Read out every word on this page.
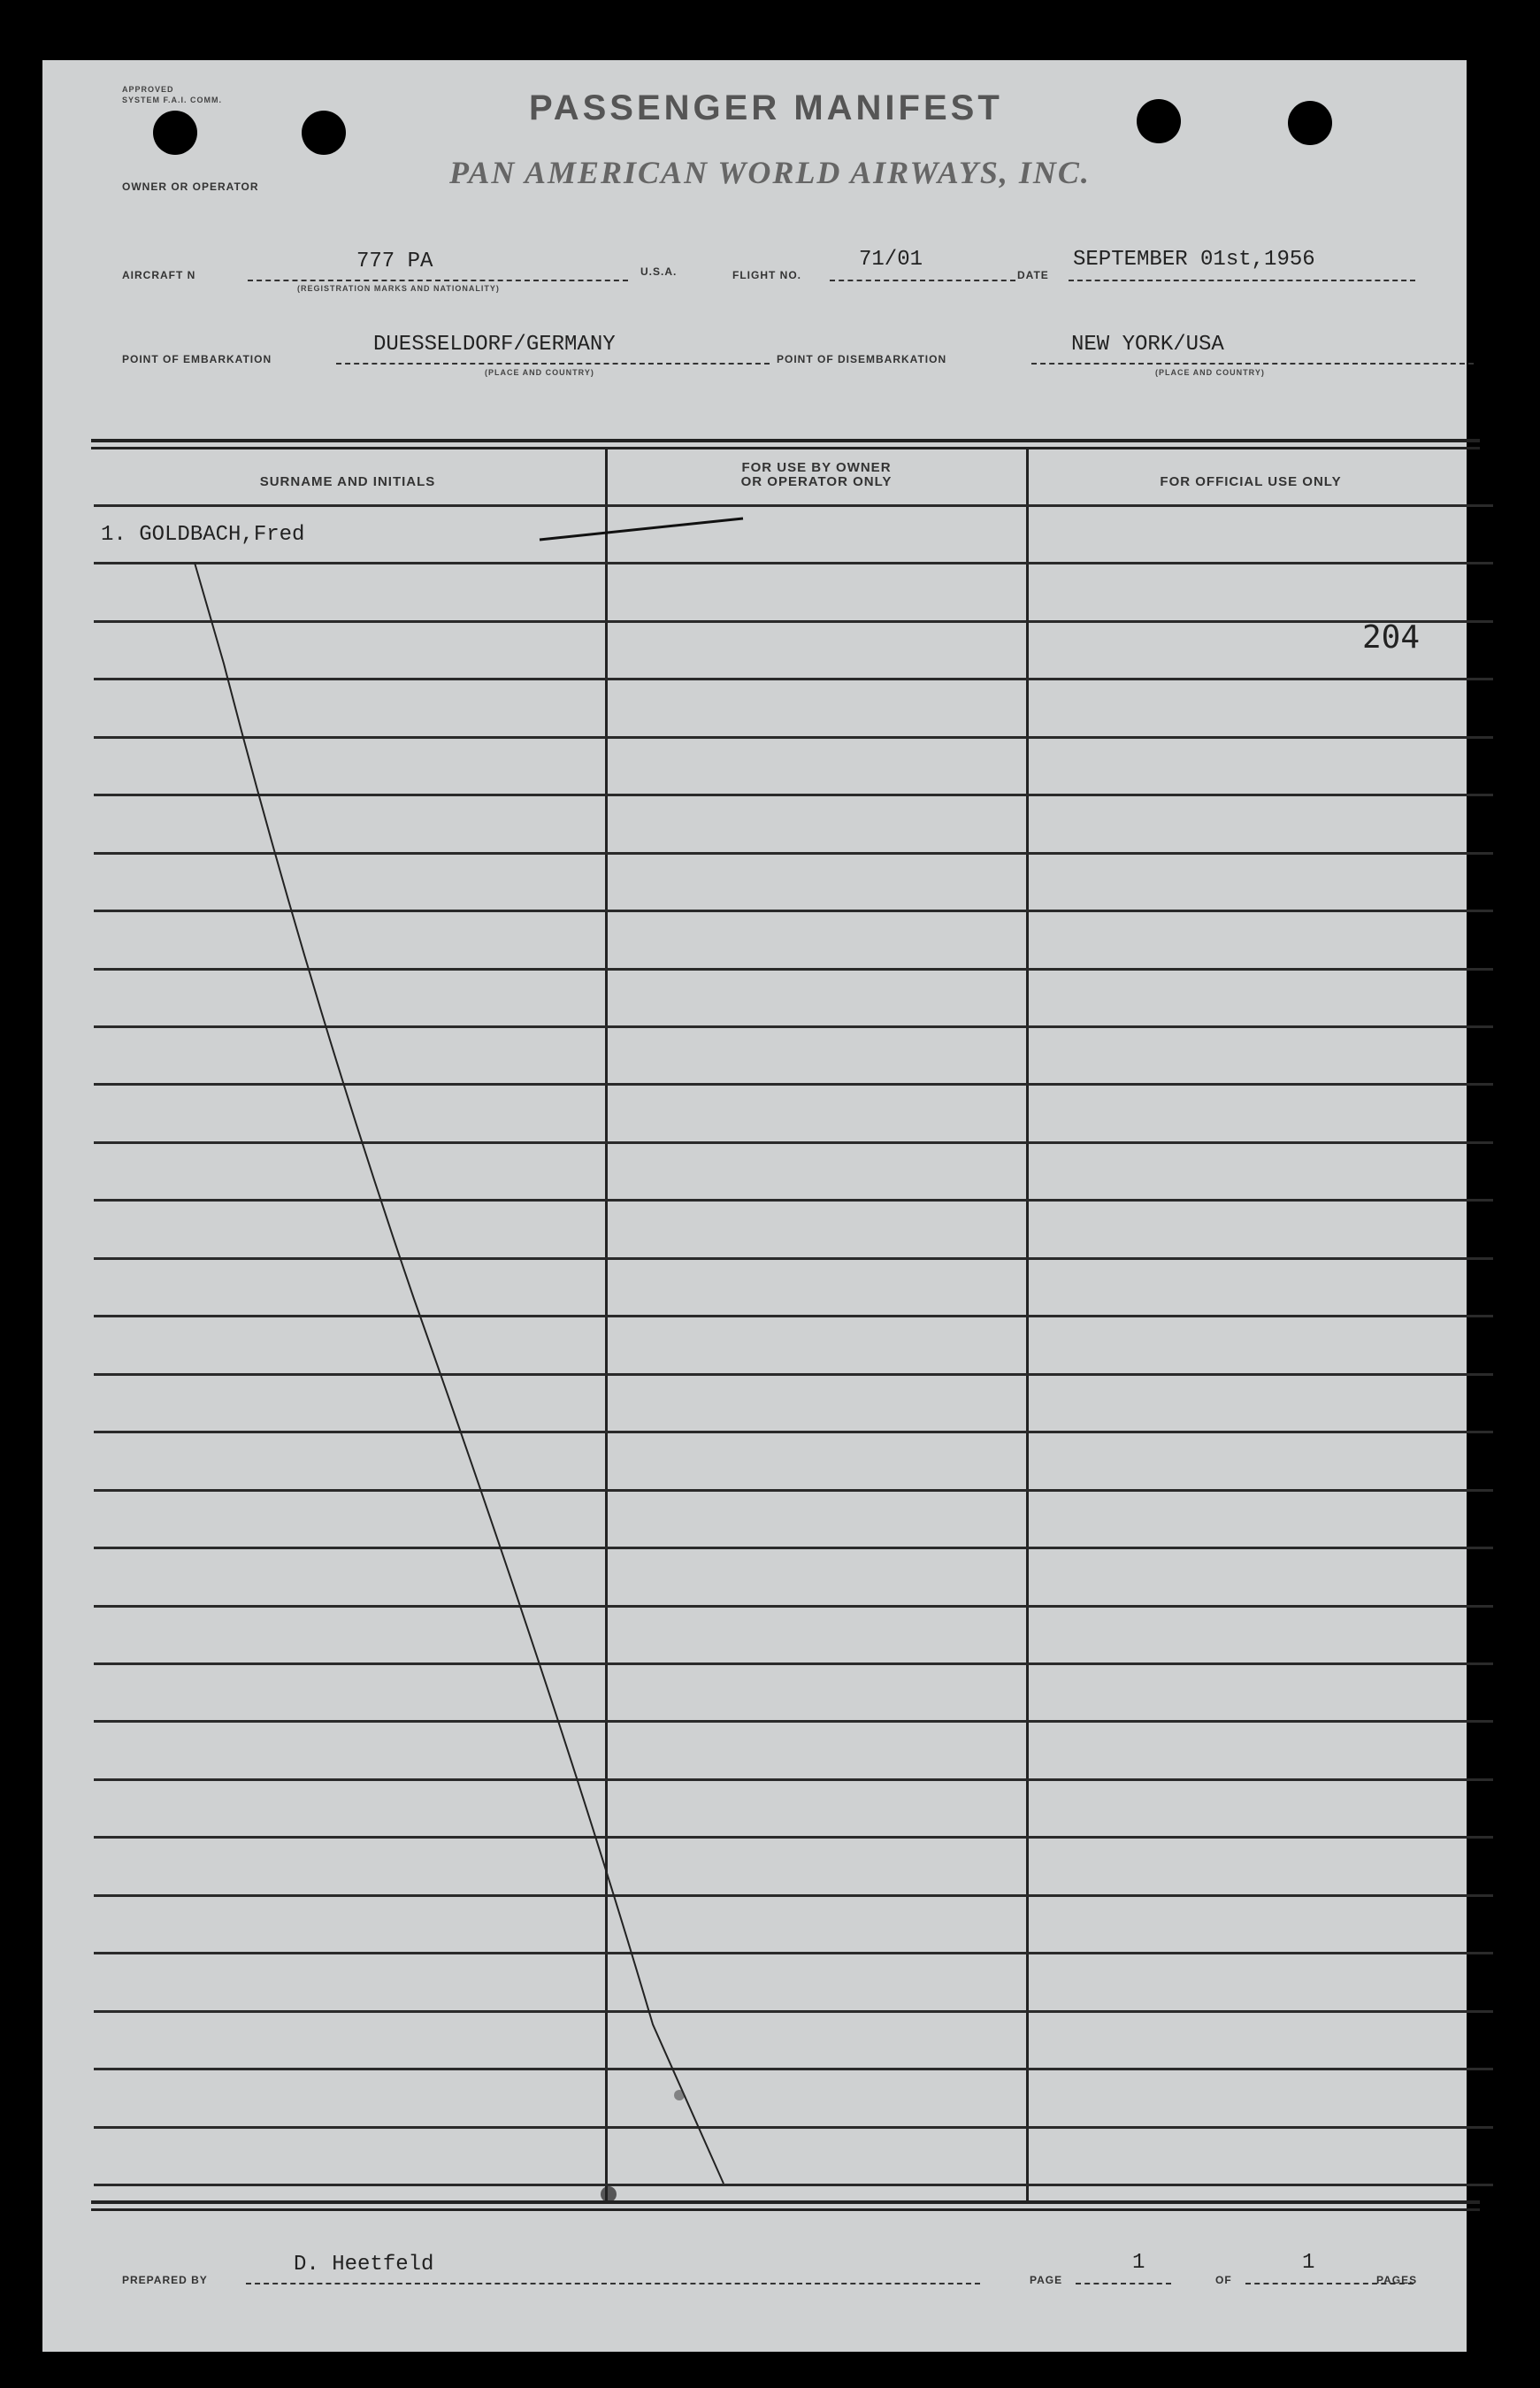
APPROVED
SYSTEM F.A.I. COMM.
OWNER OR OPERATOR
PASSENGER MANIFEST
PAN AMERICAN WORLD AIRWAYS, INC.
AIRCRAFT N
777 PA
(REGISTRATION MARKS AND NATIONALITY)
U.S.A.	FLIGHT NO.
71/01
DATE
SEPTEMBER 01st,1956
POINT OF EMBARKATION
DUESSELDORF/GERMANY
(PLACE AND COUNTRY)
POINT OF DISEMBARKATION
NEW YORK/USA
(PLACE AND COUNTRY)
SURNAME AND INITIALS
FOR USE BY OWNER
OR OPERATOR ONLY	FOR OFFICIAL USE ONLY
1. GOLDBACH,Fred
204
PREPARED BY
D. Heetfeld
PAGE
1
OF
1
PAGES
